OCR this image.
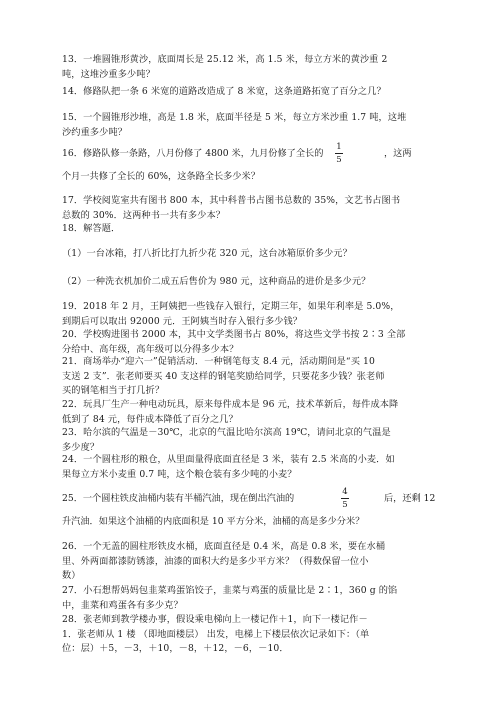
13．一堆圆锥形黄沙，底面周长是 25.12 米，高 1.5 米，每立方米的黄沙重 2
吨，这堆沙重多少吨？
14．修路队把一条 6 米宽的道路改造成了 8 米宽，这条道路拓宽了百分之几？
15．一个圆锥形沙堆，高是 1.8 米，底面半径是 5 米，每立方米沙重 1.7 吨，这堆
沙约重多少吨？
16．修路队修一条路，八月份修了 4800 米，九月份修了全长的
1
5
，这两
个月一共修了全长的 60%，这条路全长多少米？
17．学校阅览室共有图书 800 本，其中科普书占图书总数的 35%，文艺书占图书
总数的 30%．这两种书一共有多少本？
18．解答题．
（1）一台冰箱，打八折比打九折少花 320 元，这台冰箱原价多少元？
（2）一种洗衣机加价二成五后售价为 980 元，这种商品的进价是多少元？
19．2018 年 2 月，王阿姨把一些钱存入银行，定期三年，如果年利率是 5.0%，
到期后可以取出 92000 元．王阿姨当时存入银行多少钱？
20．学校购进图书 2000 本，其中文学类图书占 80%，将这些文学书按 2∶3 全部
分给中、高年级，高年级可以分得多少本？
21．商场举办“迎六一”促销活动．一种钢笔每支 8.4 元，活动期间是“买 10
支送 2 支”．张老师要买 40 支这样的钢笔奖励给同学，只要花多少钱？张老师
买的钢笔相当于打几折？
22．玩具厂生产一种电动玩具，原来每件成本是 96 元，技术革新后，每件成本降
低到了 84 元，每件成本降低了百分之几？
23．哈尔滨的气温是－30℃，北京的气温比哈尔滨高 19℃，请问北京的气温是
多少度？
24．一个圆柱形的粮仓，从里面量得底面直径是 3 米，装有 2.5 米高的小麦．如
果每立方米小麦重 0.7 吨，这个粮仓装有多少吨的小麦？
25．一个圆柱铁皮油桶内装有半桶汽油，现在倒出汽油的
4
5
后，还剩 12
升汽油．如果这个油桶的内底面积是 10 平方分米，油桶的高是多少分米？
26．一个无盖的圆柱形铁皮水桶，底面直径是 0.4 米，高是 0.8 米，要在水桶
里、外两面都漆防锈漆，油漆的面积大约是多少平方米？（得数保留一位小
数）
27．小石想帮妈妈包韭菜鸡蛋馅饺子，韭菜与鸡蛋的质量比是 2∶1，360 g 的馅
中，韭菜和鸡蛋各有多少克？
28．张老师到教学楼办事，假设乘电梯向上一楼记作＋1，向下一楼记作－
1．张老师从 1 楼 （即地面楼层） 出发，电梯上下楼层依次记录如下：（单
位：层）＋5，－3，＋10，－8，＋12，－6，－10．
